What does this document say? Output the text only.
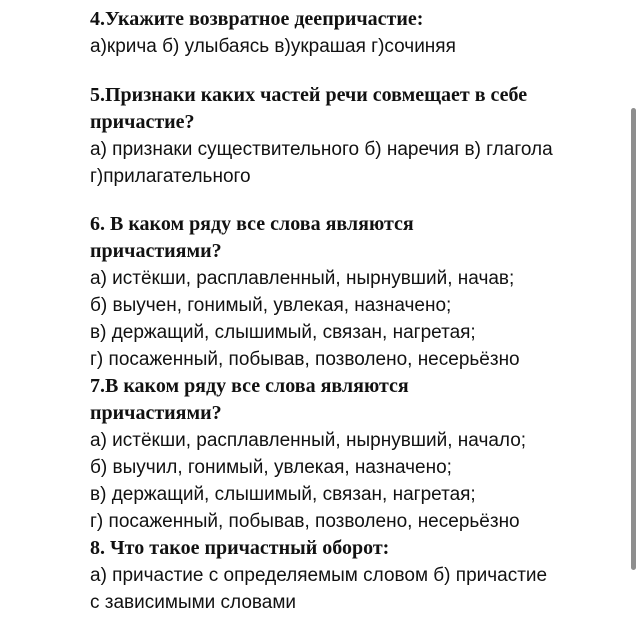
4.Укажите возвратное деепричастие:

а)крича б) улыбаясь в)украшая г)сочиняя

5.Признаки каких частей речи совмещает в себе

причастие?

а) признаки существительного б) наречия в) глагола

г)прилагательного

6. В каком ряду все слова являются

причастиями?

а) истёкши, расплавленный, нырнувший, начав;

б) выучен, гонимый, увлекая, назначено;

в) держащий, слышимый, связан, нагретая;

г) посаженный, побывав, позволено, несерьёзно

7.В каком ряду все слова являются

причастиями?

а) истёкши, расплавленный, нырнувший, начало;

б) выучил, гонимый, увлекая, назначено;

в) держащий, слышимый, связан, нагретая;

г) посаженный, побывав, позволено, несерьёзно

8. Что такое причастный оборот:

а) причастие с определяемым словом б) причастие

с зависимыми словами
